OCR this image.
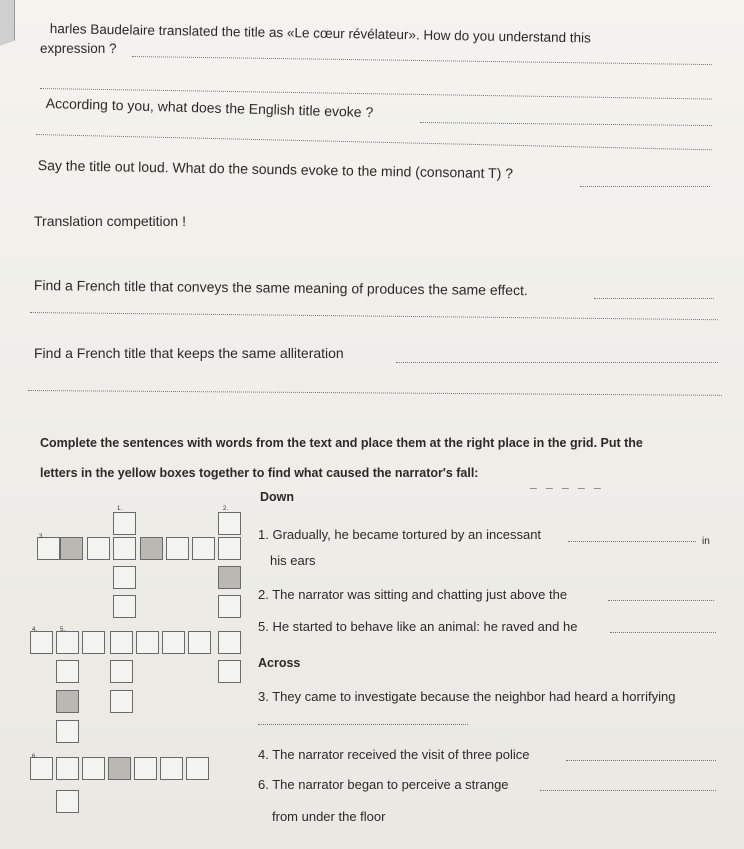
harles Baudelaire translated the title as «Le cœur révélateur». How do you understand this
expression ?
According to you, what does the English title evoke ?
Say the title out loud. What do the sounds evoke to the mind (consonant T) ?
Translation competition !
Find a French title that conveys the same meaning of produces the same effect.
Find a French title that keeps the same alliteration
Complete the sentences with words from the text and place them at the right place in the grid. Put the
letters in the yellow boxes together to find what caused the narrator's fall:
_ _ _ _ _
Down
1. Gradually, he became tortured by an incessant	in
his ears
2. The narrator was sitting and chatting just above the
5. He started to behave like an animal: he raved and he
Across
3. They came to investigate because the neighbor had heard a horrifying
4. The narrator received the visit of three police
6. The narrator began to perceive a strange
from under the floor
1.	2.
3.
4.	5.
6.
